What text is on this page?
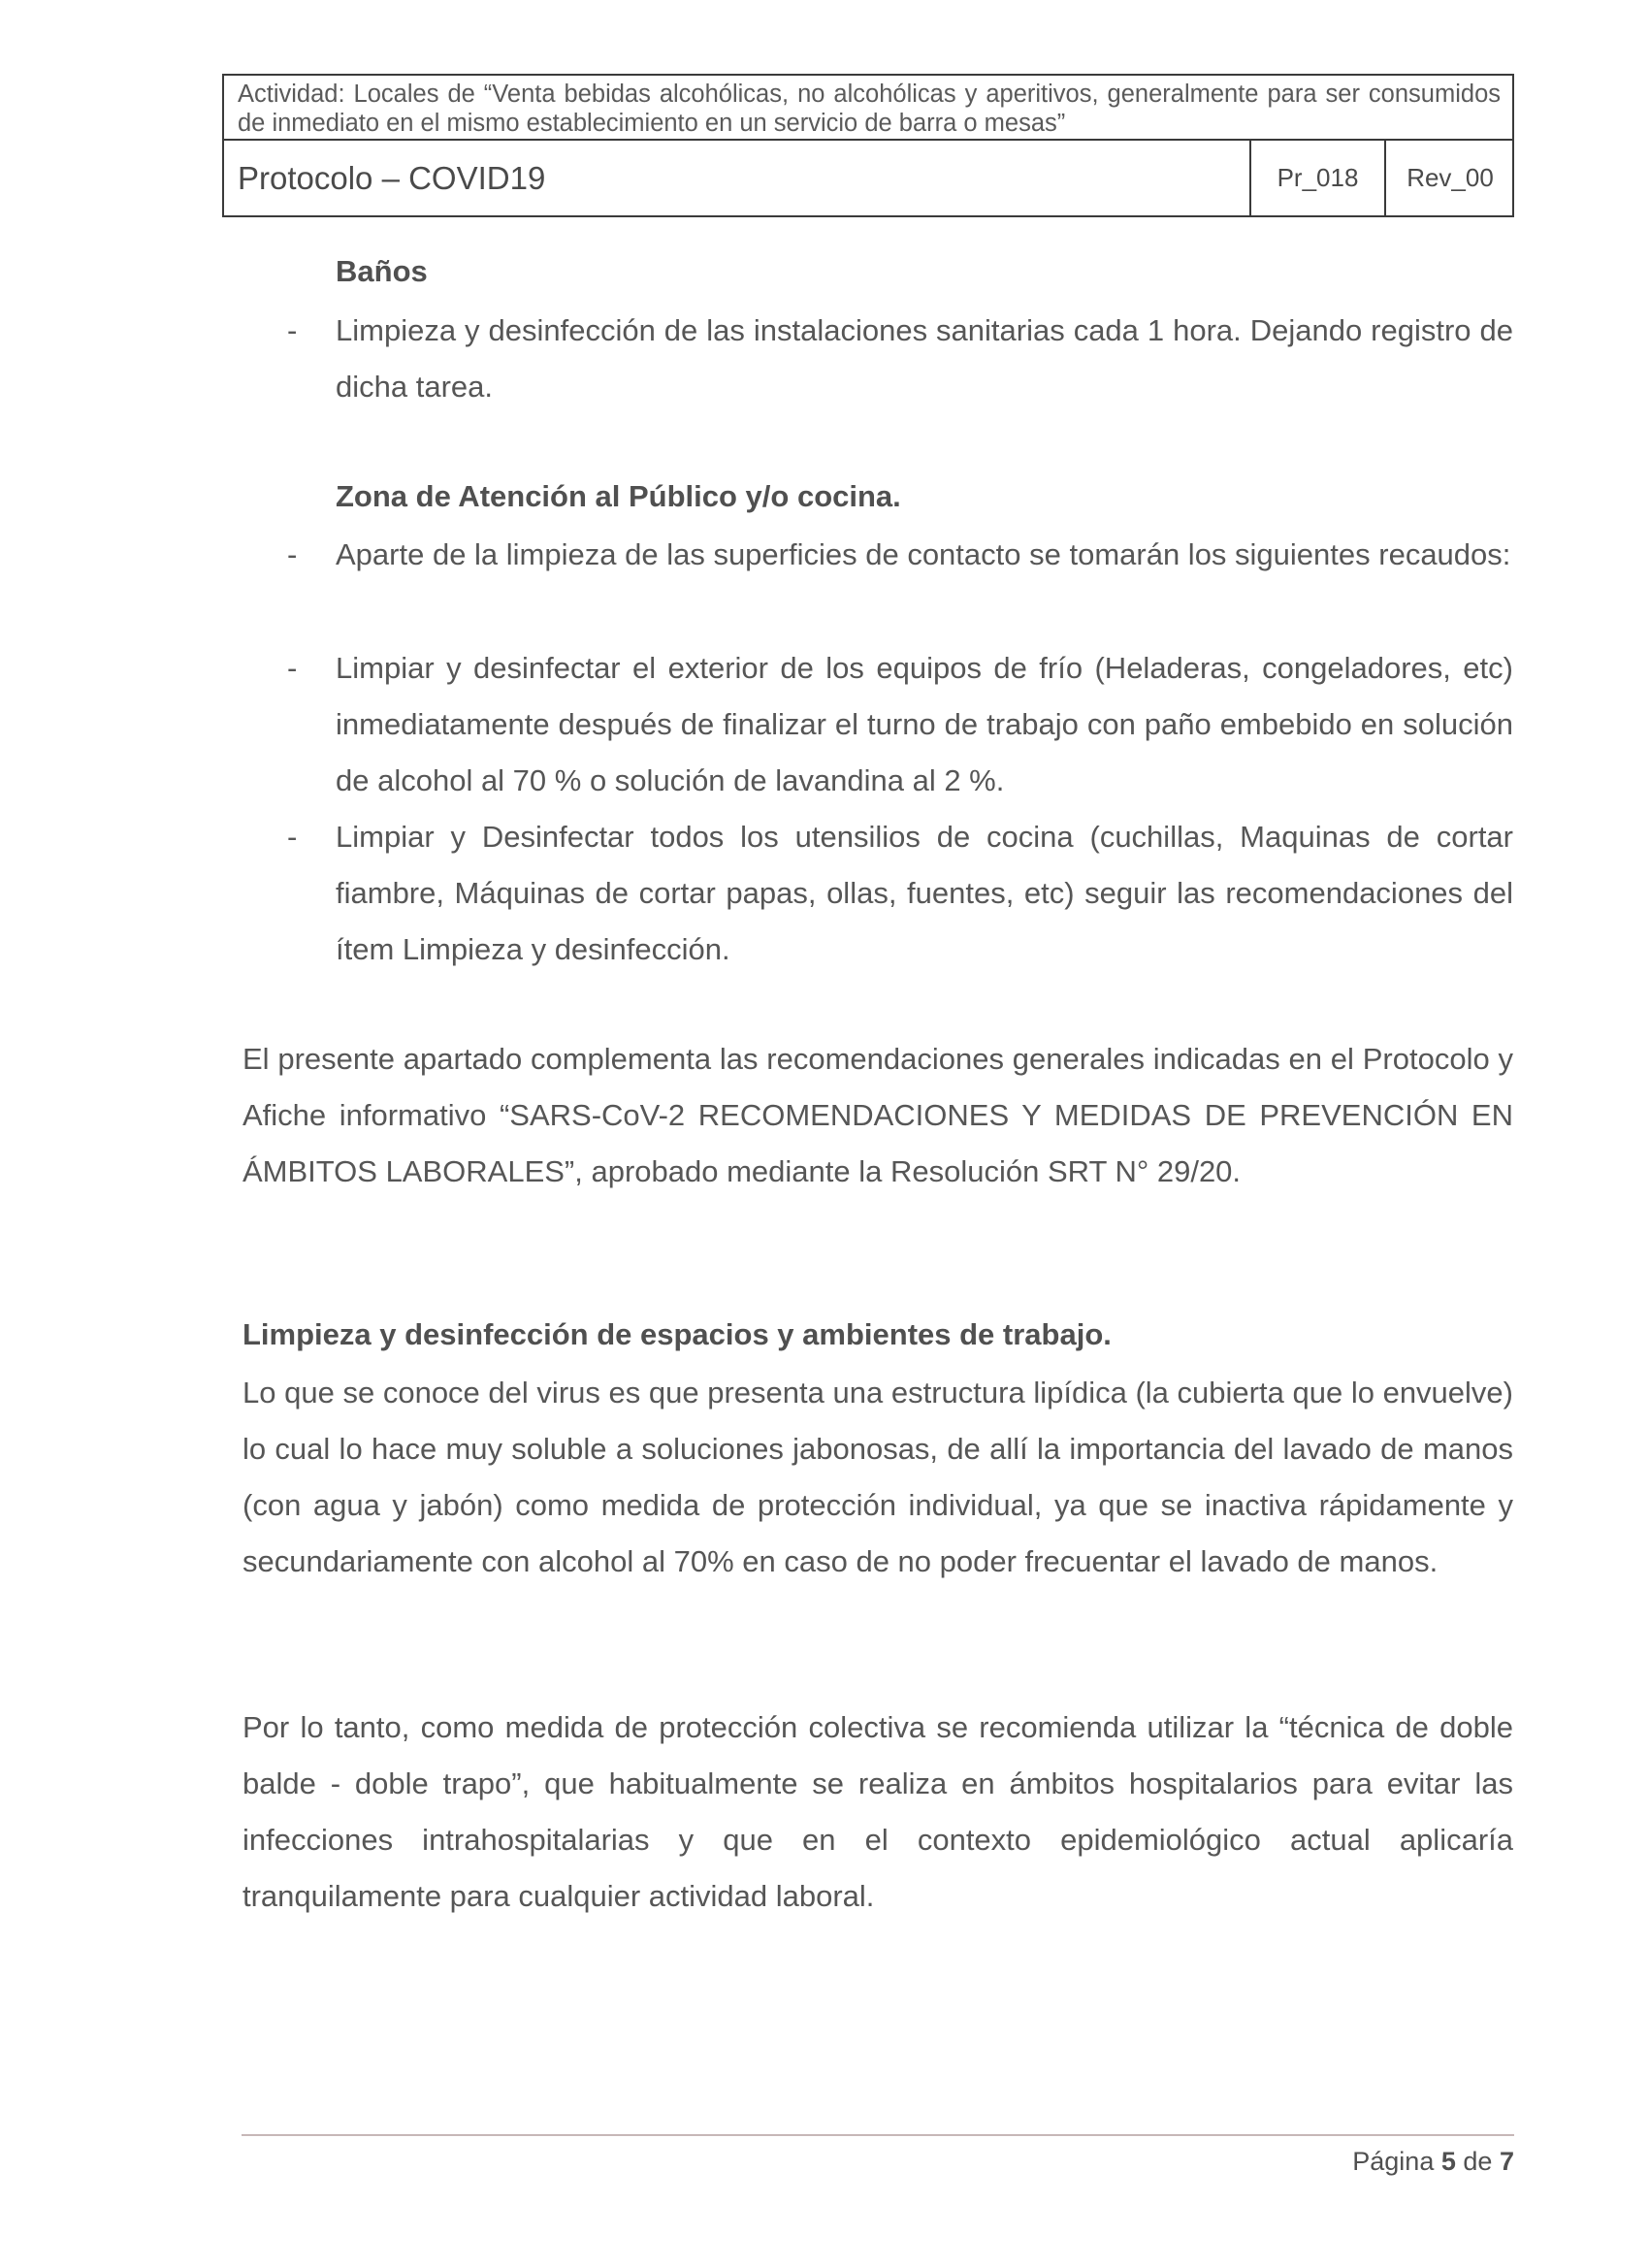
Actividad: Locales de “Venta bebidas alcohólicas, no alcohólicas y aperitivos, generalmente para ser consumidos de inmediato en el mismo establecimiento en un servicio de barra o mesas”
Protocolo – COVID19	Pr_018	Rev_00
Baños
- Limpieza y desinfección de las instalaciones sanitarias cada 1 hora. Dejando registro de dicha tarea.
Zona de Atención al Público y/o cocina.
- Aparte de la limpieza de las superficies de contacto se tomarán los siguientes recaudos:
- Limpiar y desinfectar el exterior de los equipos de frío (Heladeras, congeladores, etc) inmediatamente después de finalizar el turno de trabajo con paño embebido en solución de alcohol al 70 % o solución de lavandina al 2 %.
- Limpiar y Desinfectar todos los utensilios de cocina (cuchillas, Maquinas de cortar fiambre, Máquinas de cortar papas, ollas, fuentes, etc) seguir las recomendaciones del ítem Limpieza y desinfección.
El presente apartado complementa las recomendaciones generales indicadas en el Protocolo y Afiche informativo “SARS-CoV-2 RECOMENDACIONES Y MEDIDAS DE PREVENCIÓN EN ÁMBITOS LABORALES”, aprobado mediante la Resolución SRT N° 29/20.
Limpieza y desinfección de espacios y ambientes de trabajo.
Lo que se conoce del virus es que presenta una estructura lipídica (la cubierta que lo envuelve) lo cual lo hace muy soluble a soluciones jabonosas, de allí la importancia del lavado de manos (con agua y jabón) como medida de protección individual, ya que se inactiva rápidamente y secundariamente con alcohol al 70% en caso de no poder frecuentar el lavado de manos.
Por lo tanto, como medida de protección colectiva se recomienda utilizar la “técnica de doble balde - doble trapo”, que habitualmente se realiza en ámbitos hospitalarios para evitar las infecciones intrahospitalarias y que en el contexto epidemiológico actual aplicaría tranquilamente para cualquier actividad laboral.
Página 5 de 7
